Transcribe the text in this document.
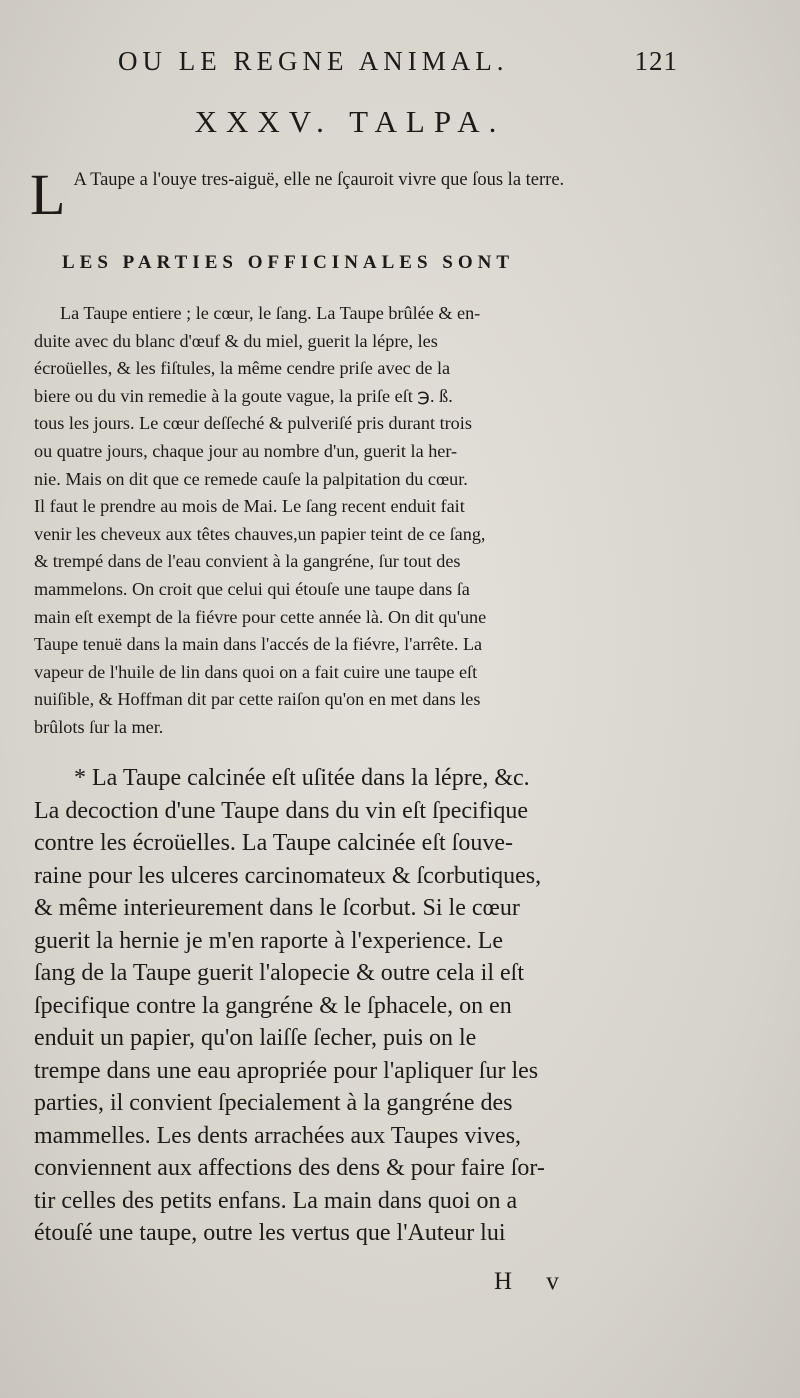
OU LE REGNE ANIMAL.	121
XXXV. TALPA.
L A Taupe a l'ouye tres-aiguë, elle ne ſçauroit vivre que ſous la terre.
LES PARTIES OFFICINALES SONT
La Taupe entiere ; le cœur, le ſang. La Taupe brûlée & en-
duite avec du blanc d'œuf & du miel, guerit la lépre, les
écroüelles, & les fiſtules, la même cendre priſe avec de la
biere ou du vin remedie à la goute vague, la priſe eſt ℈. ß.
tous les jours. Le cœur deſſeché & pulveriſé pris durant trois
ou quatre jours, chaque jour au nombre d'un, guerit la her-
nie. Mais on dit que ce remede cauſe la palpitation du cœur.
Il faut le prendre au mois de Mai. Le ſang recent enduit fait
venir les cheveux aux têtes chauves,un papier teint de ce ſang,
& trempé dans de l'eau convient à la gangréne, ſur tout des
mammelons. On croit que celui qui étouſe une taupe dans ſa
main eſt exempt de la fiévre pour cette année là. On dit qu'une
Taupe tenuë dans la main dans l'accés de la fiévre, l'arrête. La
vapeur de l'huile de lin dans quoi on a fait cuire une taupe eſt
nuiſible, & Hoffman dit par cette raiſon qu'on en met dans les
brûlots ſur la mer.
* La Taupe calcinée eſt uſitée dans la lépre, &c.
La decoction d'une Taupe dans du vin eſt ſpecifique
contre les écroüelles. La Taupe calcinée eſt ſouve-
raine pour les ulceres carcinomateux & ſcorbutiques,
& même interieurement dans le ſcorbut. Si le cœur
guerit la hernie je m'en raporte à l'experience. Le
ſang de la Taupe guerit l'alopecie & outre cela il eſt
ſpecifique contre la gangréne & le ſphacele, on en
enduit un papier, qu'on laiſſe ſecher, puis on le
trempe dans une eau apropriée pour l'apliquer ſur les
parties, il convient ſpecialement à la gangréne des
mammelles. Les dents arrachées aux Taupes vives,
conviennent aux affections des dens & pour faire ſor-
tir celles des petits enfans. La main dans quoi on a
étouſé une taupe, outre les vertus que l'Auteur lui
H v
